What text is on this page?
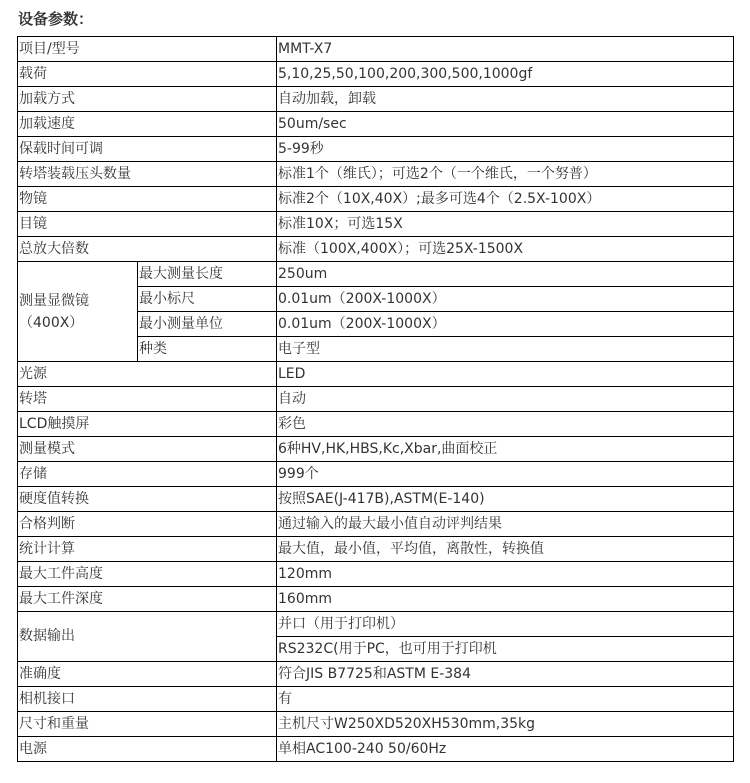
设备参数：
项目/型号		MMT-X7
载荷		5,10,25,50,100,200,300,500,1000gf
加载方式		自动加载，卸载
加载速度		50um/sec
保载时间可调		5-99秒
转塔装载压头数量		标准1个（维氏）；可选2个（一个维氏，一个努普）
物镜		标准2个（10X,40X）;最多可选4个（2.5X-100X）
目镜		标准10X；可选15X
总放大倍数		标准（100X,400X）；可选25X-1500X
测量显微镜（400X）	最大测量长度	250um
	最小标尺	0.01um（200X-1000X）
	最小测量单位	0.01um（200X-1000X）
	种类	电子型
光源		LED
转塔		自动
LCD触摸屏		彩色
测量模式		6种HV,HK,HBS,Kc,Xbar,曲面校正
存储		999个
硬度值转换		按照SAE(J-417B),ASTM(E-140)
合格判断		通过输入的最大最小值自动评判结果
统计计算		最大值，最小值，平均值，离散性，转换值
最大工件高度		120mm
最大工件深度		160mm
数据输出		并口（用于打印机）
		RS232C(用于PC，也可用于打印机
准确度		符合JIS B7725和ASTM E-384
相机接口		有
尺寸和重量		主机尺寸W250XD520XH530mm,35kg
电源		单相AC100-240 50/60Hz
